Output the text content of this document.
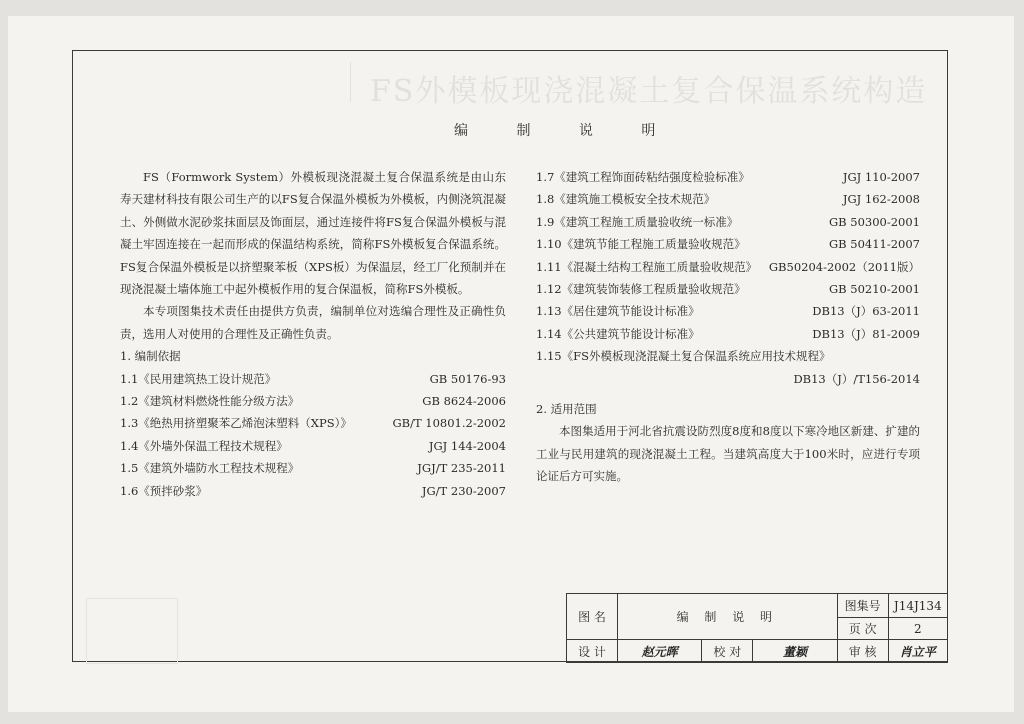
FS外模板现浇混凝土复合保温系统构造
编 制 说 明

FS（Formwork System）外模板现浇混凝土复合保温系统是由山东寿天建材科技有限公司生产的以FS复合保温外模板为外模板，内侧浇筑混凝土、外侧做水泥砂浆抹面层及饰面层，通过连接件将FS复合保温外模板与混凝土牢固连接在一起而形成的保温结构系统，简称FS外模板复合保温系统。FS复合保温外模板是以挤塑聚苯板（XPS板）为保温层，经工厂化预制并在现浇混凝土墙体施工中起外模板作用的复合保温板，简称FS外模板。

本专项图集技术责任由提供方负责，编制单位对选编合理性及正确性负责，选用人对使用的合理性及正确性负责。

1. 编制依据
1.1《民用建筑热工设计规范》	GB 50176-93
1.2《建筑材料燃烧性能分级方法》	GB 8624-2006
1.3《绝热用挤塑聚苯乙烯泡沫塑料（XPS）》	GB/T 10801.2-2002
1.4《外墙外保温工程技术规程》	JGJ 144-2004
1.5《建筑外墙防水工程技术规程》	JGJ/T 235-2011
1.6《预拌砂浆》	JG/T 230-2007
1.7《建筑工程饰面砖粘结强度检验标准》	JGJ 110-2007
1.8《建筑施工模板安全技术规范》	JGJ 162-2008
1.9《建筑工程施工质量验收统一标准》	GB 50300-2001
1.10《建筑节能工程施工质量验收规范》	GB 50411-2007
1.11《混凝土结构工程施工质量验收规范》 GB50204-2002（2011版）
1.12《建筑装饰装修工程质量验收规范》	GB 50210-2001
1.13《居住建筑节能设计标准》	DB13（J）63-2011
1.14《公共建筑节能设计标准》	DB13（J）81-2009
1.15《FS外模板现浇混凝土复合保温系统应用技术规程》
DB13（J）/T156-2014
2. 适用范围

本图集适用于河北省抗震设防烈度8度和8度以下寒冷地区新建、扩建的工业与民用建筑的现浇混凝土工程。当建筑高度大于100米时，应进行专项论证后方可实施。

图 名	编 制 说 明			图集号	J14J134
				页 次	2
设 计	赵元晖	校 对	董颖	审 核	肖立平
